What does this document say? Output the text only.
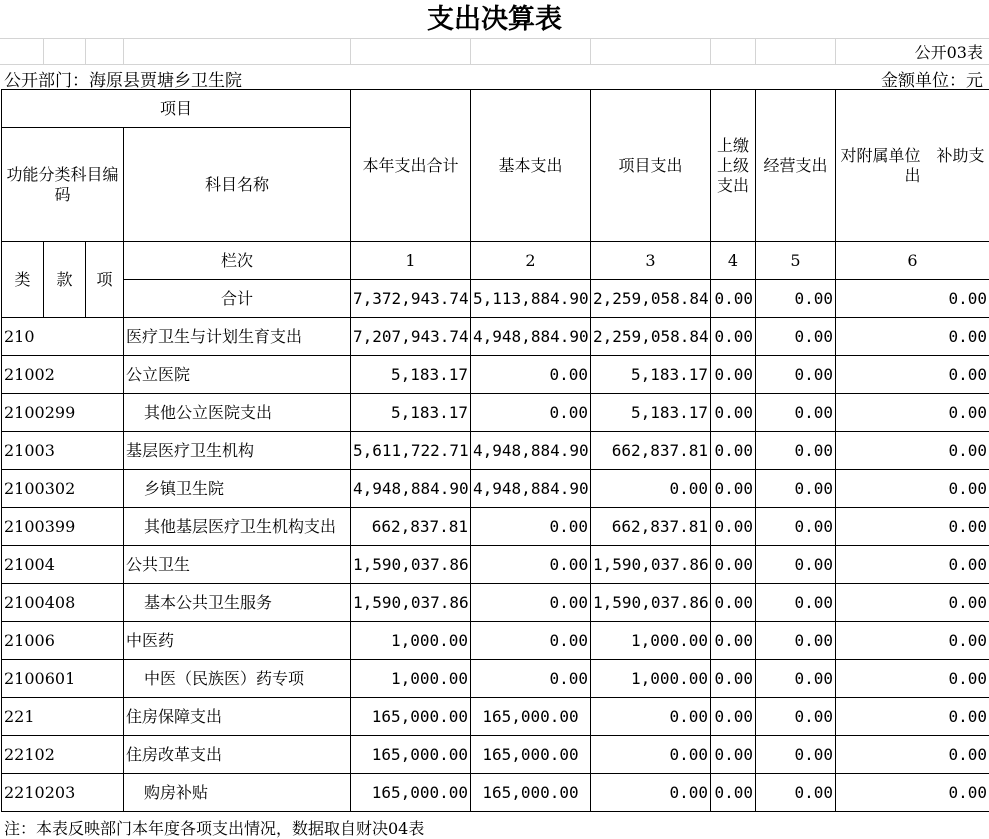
支出决算表
公开03表
公开部门：海原县贾塘乡卫生院	金额单位：元
项目				本年支出合计	基本支出	项目支出	上缴上级支出	经营支出	对附属单位　补助支出
功能分类科目编码			科目名称						
类	款	项	栏次	1	2	3	4	5	6
			合计	7,372,943.74	5,113,884.90	2,259,058.84	0.00	0.00	0.00
210			医疗卫生与计划生育支出	7,207,943.74	4,948,884.90	2,259,058.84	0.00	0.00	0.00
21002			公立医院	5,183.17	0.00	5,183.17	0.00	0.00	0.00
2100299			其他公立医院支出	5,183.17	0.00	5,183.17	0.00	0.00	0.00
21003			基层医疗卫生机构	5,611,722.71	4,948,884.90	662,837.81	0.00	0.00	0.00
2100302			乡镇卫生院	4,948,884.90	4,948,884.90	0.00	0.00	0.00	0.00
2100399			其他基层医疗卫生机构支出	662,837.81	0.00	662,837.81	0.00	0.00	0.00
21004			公共卫生	1,590,037.86	0.00	1,590,037.86	0.00	0.00	0.00
2100408			基本公共卫生服务	1,590,037.86	0.00	1,590,037.86	0.00	0.00	0.00
21006			中医药	1,000.00	0.00	1,000.00	0.00	0.00	0.00
2100601			中医（民族医）药专项	1,000.00	0.00	1,000.00	0.00	0.00	0.00
221			住房保障支出	165,000.00	165,000.00	0.00	0.00	0.00	0.00
22102			住房改革支出	165,000.00	165,000.00	0.00	0.00	0.00	0.00
2210203			购房补贴	165,000.00	165,000.00	0.00	0.00	0.00	0.00
注：本表反映部门本年度各项支出情况，数据取自财决04表
